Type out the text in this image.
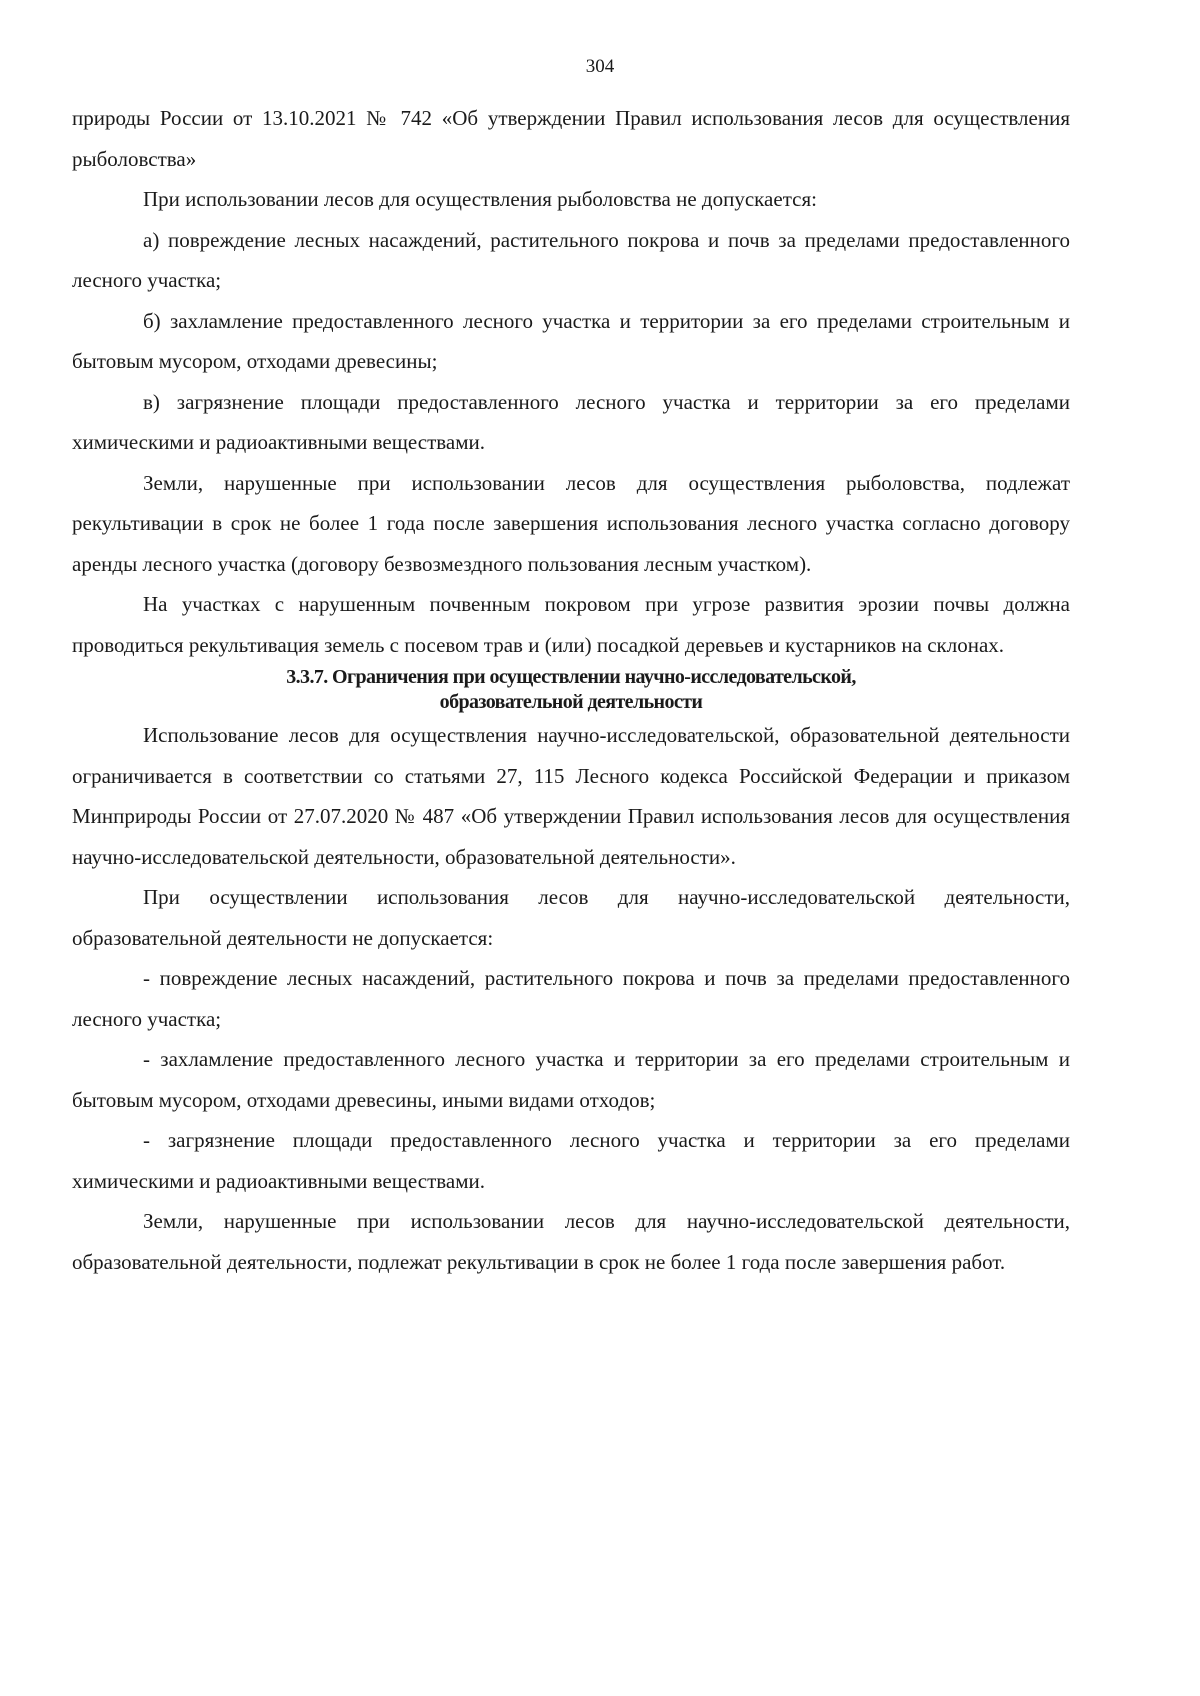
304

природы России от 13.10.2021 № 742 «Об утверждении Правил использования лесов для осуществления рыболовства»

При использовании лесов для осуществления рыболовства не допускается:

а) повреждение лесных насаждений, растительного покрова и почв за пределами предоставленного лесного участка;

б) захламление предоставленного лесного участка и территории за его пределами строительным и бытовым мусором, отходами древесины;

в) загрязнение площади предоставленного лесного участка и территории за его пределами химическими и радиоактивными веществами.

Земли, нарушенные при использовании лесов для осуществления рыболовства, подлежат рекультивации в срок не более 1 года после завершения использования лесного участка согласно договору аренды лесного участка (договору безвозмездного пользования лесным участком).

На участках с нарушенным почвенным покровом при угрозе развития эрозии почвы должна проводиться рекультивация земель с посевом трав и (или) посадкой деревьев и кустарников на склонах.

3.3.7. Ограничения при осуществлении научно-исследовательской,
образовательной деятельности

Использование лесов для осуществления научно-исследовательской, образовательной деятельности ограничивается в соответствии со статьями 27, 115 Лесного кодекса Российской Федерации и приказом Минприроды России от 27.07.2020 № 487 «Об утверждении Правил использования лесов для осуществления научно-исследовательской деятельности, образовательной деятельности».

При осуществлении использования лесов для научно-исследовательской деятельности, образовательной деятельности не допускается:

- повреждение лесных насаждений, растительного покрова и почв за пределами предоставленного лесного участка;

- захламление предоставленного лесного участка и территории за его пределами строительным и бытовым мусором, отходами древесины, иными видами отходов;

- загрязнение площади предоставленного лесного участка и территории за его пределами химическими и радиоактивными веществами.

Земли, нарушенные при использовании лесов для научно-исследовательской деятельности, образовательной деятельности, подлежат рекультивации в срок не более 1 года после завершения работ.
